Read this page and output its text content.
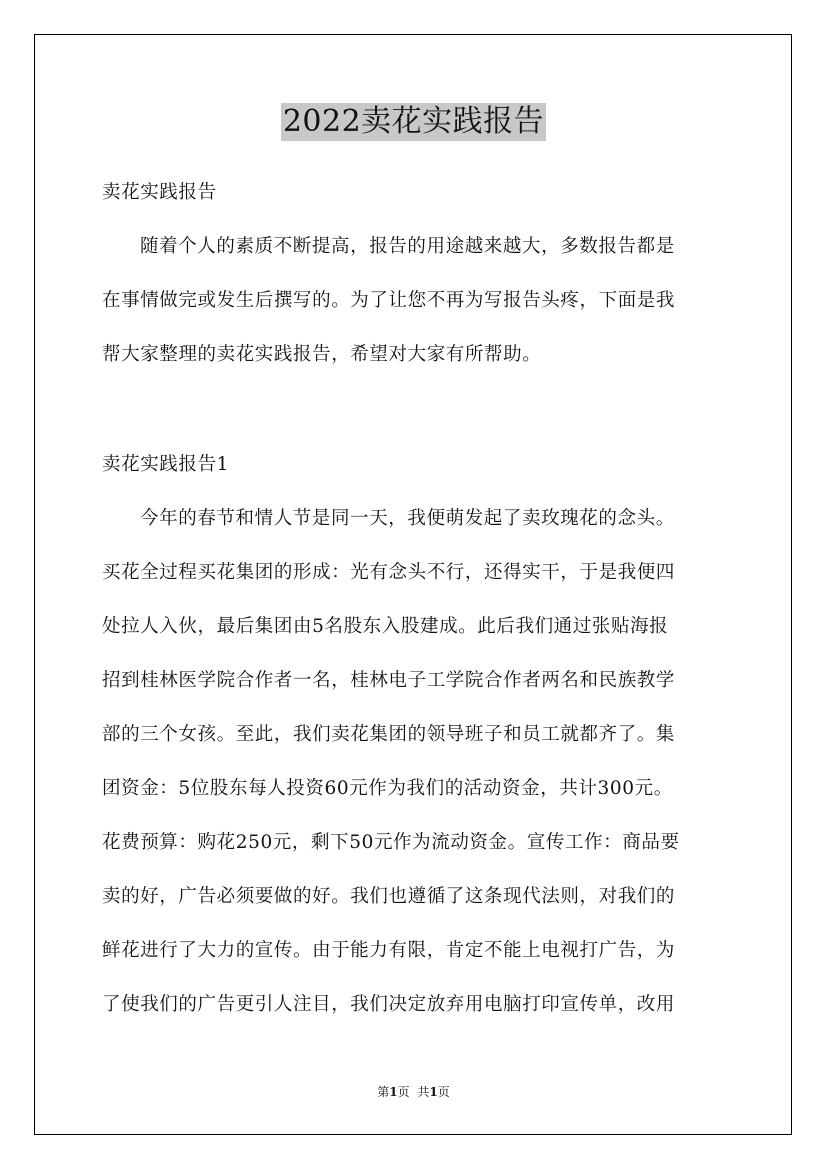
2022卖花实践报告
卖花实践报告
随着个人的素质不断提高，报告的用途越来越大，多数报告都是
在事情做完或发生后撰写的。为了让您不再为写报告头疼，下面是我
帮大家整理的卖花实践报告，希望对大家有所帮助。
卖花实践报告1
今年的春节和情人节是同一天，我便萌发起了卖玫瑰花的念头。
买花全过程买花集团的形成：光有念头不行，还得实干，于是我便四
处拉人入伙，最后集团由5名股东入股建成。此后我们通过张贴海报
招到桂林医学院合作者一名，桂林电子工学院合作者两名和民族教学
部的三个女孩。至此，我们卖花集团的领导班子和员工就都齐了。集
团资金：5位股东每人投资60元作为我们的活动资金，共计300元。
花费预算：购花250元，剩下50元作为流动资金。宣传工作：商品要
卖的好，广告必须要做的好。我们也遵循了这条现代法则，对我们的
鲜花进行了大力的宣传。由于能力有限，肯定不能上电视打广告，为
了使我们的广告更引人注目，我们决定放弃用电脑打印宣传单，改用
第1页 共1页
